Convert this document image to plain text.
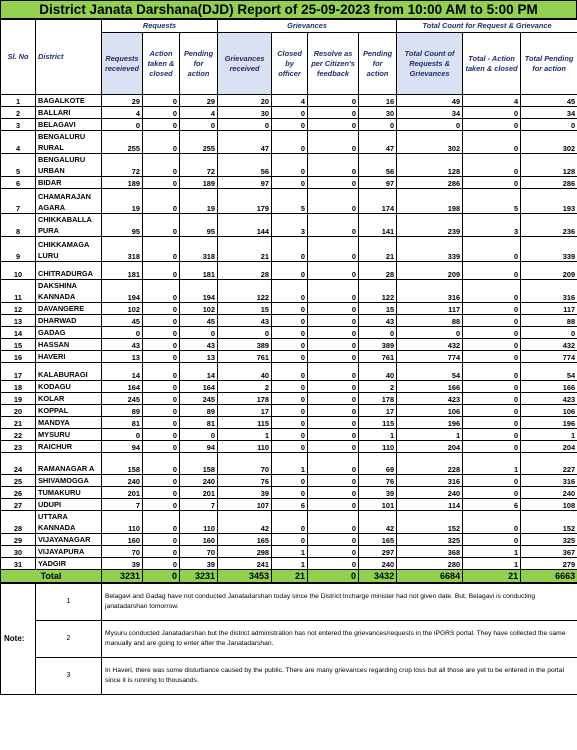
District Janata Darshana(DJD) Report of 25-09-2023 from 10:00 AM to 5:00 PM
Sl. No	District	Requests			Grievances				Total Count for Request & Grievance		
		Requests receieved	Action taken & closed	Pending for action	Grievances received	Closed by officer	Resolve as per Citizen's feedback	Pending for action	Total Count of Requests & Grievances	Total - Action taken & closed	Total Pending for action
1	BAGALKOTE	29	0	29	20	4	0	16	49	4	45
2	BALLARI	4	0	4	30	0	0	30	34	0	34
3	BELAGAVI	0	0	0	0	0	0	0	0	0	0
4	BENGALURU RURAL	255	0	255	47	0	0	47	302	0	302
5	BENGALURU URBAN	72	0	72	56	0	0	56	128	0	128
6	BIDAR	189	0	189	97	0	0	97	286	0	286
7	CHAMARAJAN AGARA	19	0	19	179	5	0	174	198	5	193
8	CHIKKABALLA PURA	95	0	95	144	3	0	141	239	3	236
9	CHIKKAMAGA LURU	318	0	318	21	0	0	21	339	0	339
10	CHITRADURGA	181	0	181	28	0	0	28	209	0	209
11	DAKSHINA KANNADA	194	0	194	122	0	0	122	316	0	316
12	DAVANGERE	102	0	102	15	0	0	15	117	0	117
13	DHARWAD	45	0	45	43	0	0	43	88	0	88
14	GADAG	0	0	0	0	0	0	0	0	0	0
15	HASSAN	43	0	43	389	0	0	389	432	0	432
16	HAVERI	13	0	13	761	0	0	761	774	0	774
17	KALABURAGI	14	0	14	40	0	0	40	54	0	54
18	KODAGU	164	0	164	2	0	0	2	166	0	166
19	KOLAR	245	0	245	178	0	0	178	423	0	423
20	KOPPAL	89	0	89	17	0	0	17	106	0	106
21	MANDYA	81	0	81	115	0	0	115	196	0	196
22	MYSURU	0	0	0	1	0	0	1	1	0	1
23	RAICHUR	94	0	94	110	0	0	110	204	0	204
24	RAMANAGAR A	158	0	158	70	1	0	69	228	1	227
25	SHIVAMOGGA	240	0	240	76	0	0	76	316	0	316
26	TUMAKURU	201	0	201	39	0	0	39	240	0	240
27	UDUPI	7	0	7	107	6	0	101	114	6	108
28	UTTARA KANNADA	110	0	110	42	0	0	42	152	0	152
29	VIJAYANAGAR	160	0	160	165	0	0	165	325	0	325
30	VIJAYAPURA	70	0	70	298	1	0	297	368	1	367
31	YADGIR	39	0	39	241	1	0	240	280	1	279
Total		3231	0	3231	3453	21	0	3432	6684	21	6663
Note:	1	Belagavi and Gadag have not conducted Janatadarshan today since the District Incharge minister had not given date. But, Belagavi is conducting janatadarshan tomorrow.
	2	Mysuru conducted Janatadarshan but the district administration has not entered the grievances/requests in the iPGRS portal. They have collected the same manually and are going to enter after the Janatadarshan.
	3	In Haveri, there was some disturbance caused by the public. There are many grievances regarding crop loss but all those are yet to be entered in the portal since it is running to thousands.
